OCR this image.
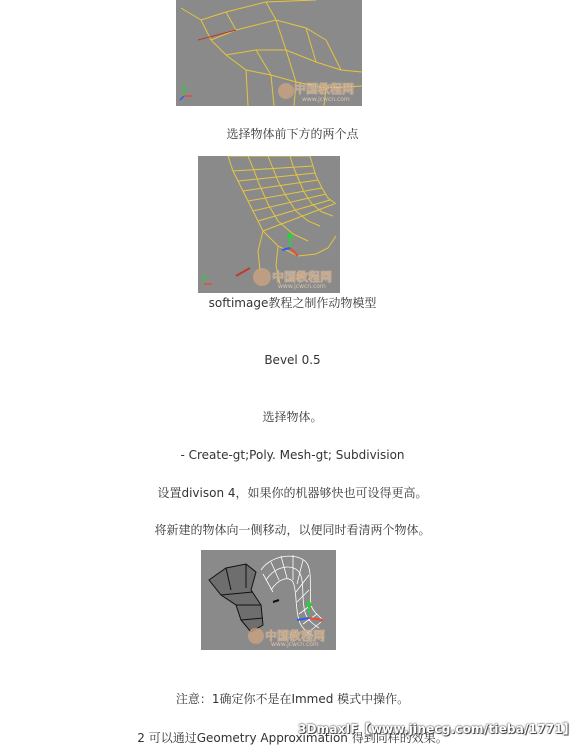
中国教程网
www.jcwcn.com
选择物体前下方的两个点
中国教程网
www.jcwcn.com
softimage教程之制作动物模型
Bevel 0.5
选择物体。
- Create-gt;Poly. Mesh-gt; Subdivision
设置divison 4，如果你的机器够快也可设得更高。
将新建的物体向一侧移动，以便同时看清两个物体。
中国教程网
www.jcwcn.com
注意：1确定你不是在Immed 模式中操作。
2 可以通过Geometry Approximation 得到同样的效果。
3DmaxIF【www.jinecg.com/tieba/1771】
